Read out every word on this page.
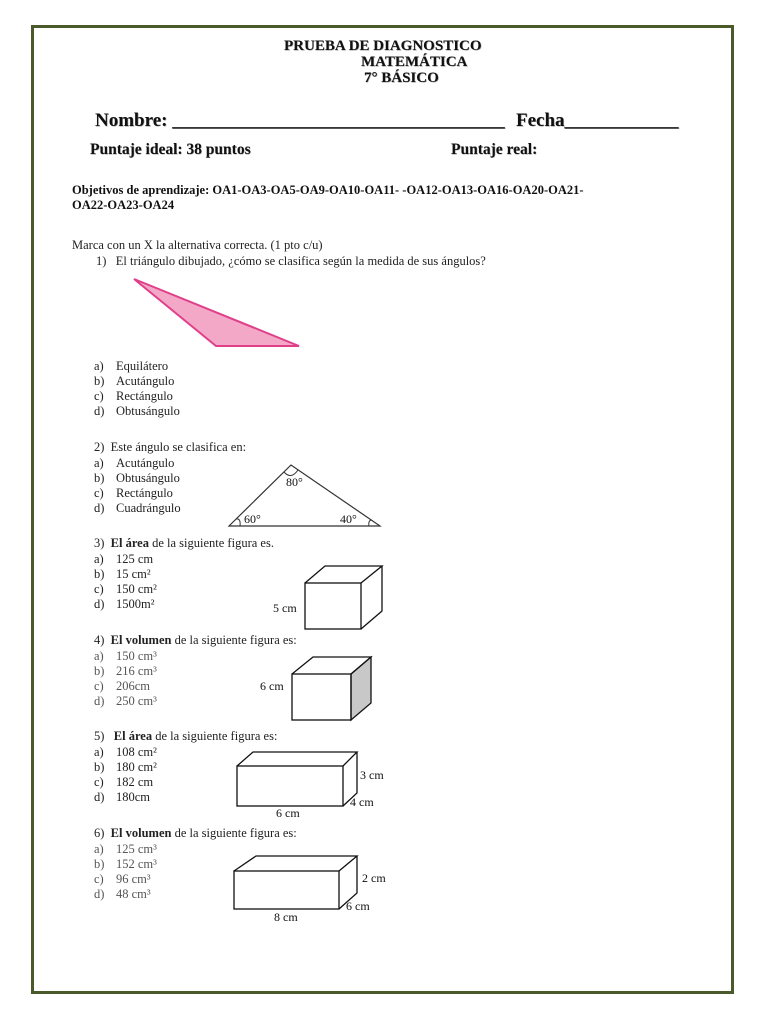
PRUEBA DE DIAGNOSTICO
MATEMÁTICA
7° BÁSICO
Nombre: ___________________________________ Fecha____________
Puntaje ideal: 38 puntos	Puntaje real:
Objetivos de aprendizaje: OA1-OA3-OA5-OA9-OA10-OA11- -OA12-OA13-OA16-OA20-OA21-
OA22-OA23-OA24
Marca con un X la alternativa correcta. (1 pto c/u)
1) El triángulo dibujado, ¿cómo se clasifica según la medida de sus ángulos?
a) Equilátero
b) Acutángulo
c) Rectángulo
d) Obtusángulo
2) Este ángulo se clasifica en:
a) Acutángulo
b) Obtusángulo
c) Rectángulo
d) Cuadrángulo
80°
60°	40°
3) El área de la siguiente figura es.
a) 125 cm
b) 15 cm²
c) 150 cm²
d) 1500m²	5 cm
4) El volumen de la siguiente figura es:
a) 150 cm³
b) 216 cm³
c) 206cm
d) 250 cm³
6 cm
5) El área de la siguiente figura es:
a) 108 cm²
b) 180 cm²
c) 182 cm
d) 180cm
3 cm
4 cm
6 cm
6) El volumen de la siguiente figura es:
a) 125 cm³
b) 152 cm³
c) 96 cm³
d) 48 cm³
2 cm
6 cm
8 cm
